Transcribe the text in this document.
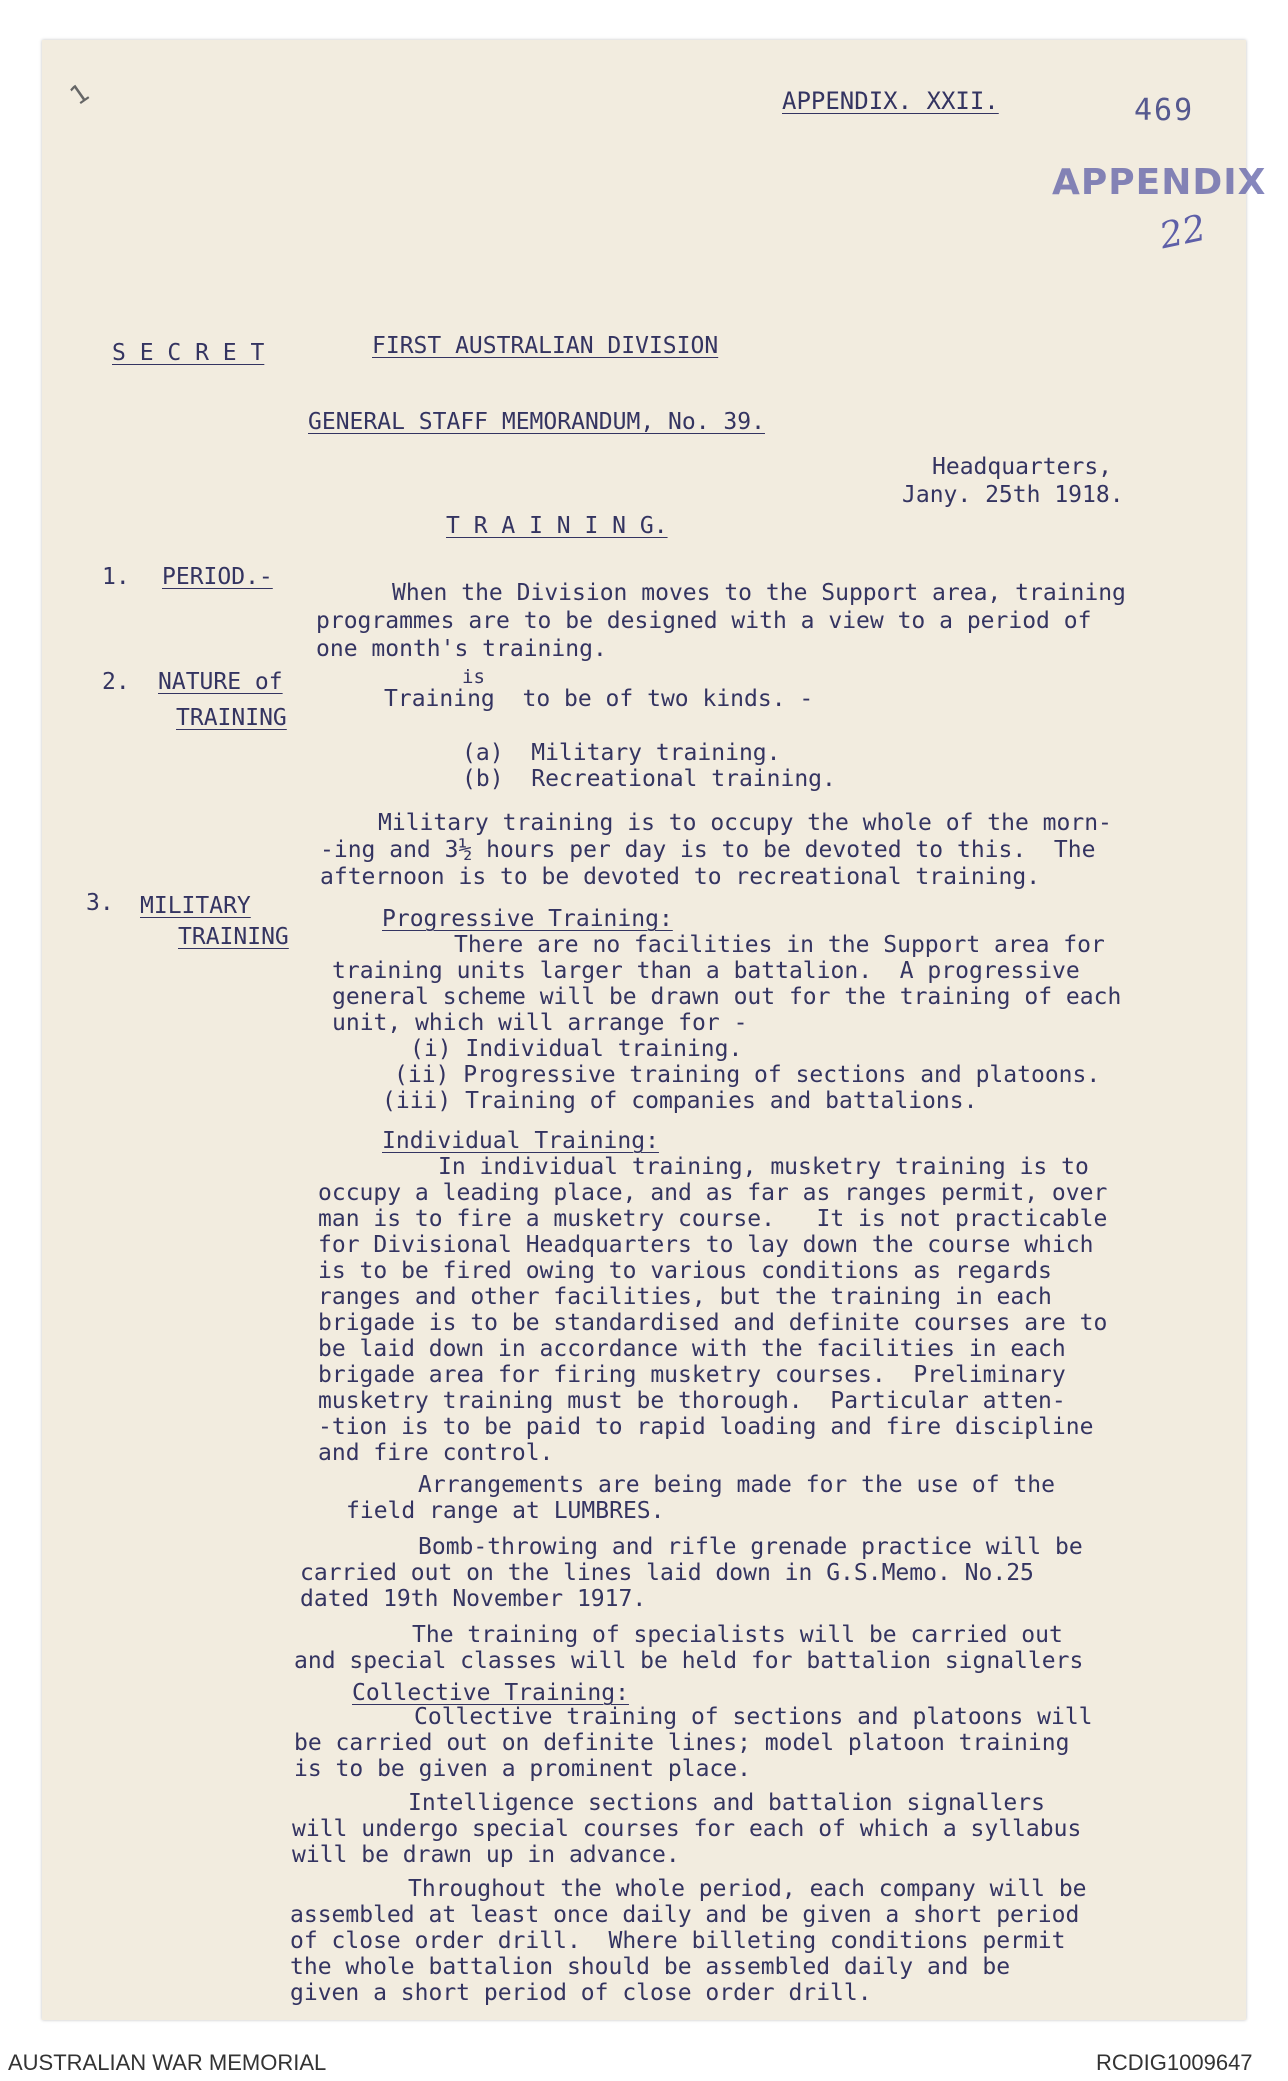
1	APPENDIX. XXII.	469
APPENDIX
22
S E C R E T	FIRST AUSTRALIAN DIVISION
GENERAL STAFF MEMORANDUM, No. 39.
Headquarters,
Jany. 25th 1918.
T R A I N I N G.
1. PERIOD.-
When the Division moves to the Support area, training
programmes are to be designed with a view to a period of
one month's training.
2. NATURE of
TRAINING
is
Training  to be of two kinds. -
(a)  Military training.
(b)  Recreational training.
Military training is to occupy the whole of the morn-
-ing and 3½ hours per day is to be devoted to this.  The
afternoon is to be devoted to recreational training.
3. MILITARY
TRAINING
Progressive Training:
There are no facilities in the Support area for
training units larger than a battalion.  A progressive
general scheme will be drawn out for the training of each
unit, which will arrange for -
(i) Individual training.
(ii) Progressive training of sections and platoons.
(iii) Training of companies and battalions.
Individual Training:
In individual training, musketry training is to
occupy a leading place, and as far as ranges permit, over
man is to fire a musketry course.   It is not practicable
for Divisional Headquarters to lay down the course which
is to be fired owing to various conditions as regards
ranges and other facilities, but the training in each
brigade is to be standardised and definite courses are to
be laid down in accordance with the facilities in each
brigade area for firing musketry courses.  Preliminary
musketry training must be thorough.  Particular atten-
-tion is to be paid to rapid loading and fire discipline
and fire control.
Arrangements are being made for the use of the
field range at LUMBRES.
Bomb-throwing and rifle grenade practice will be
carried out on the lines laid down in G.S.Memo. No.25
dated 19th November 1917.
The training of specialists will be carried out
and special classes will be held for battalion signallers
Collective Training:
Collective training of sections and platoons will
be carried out on definite lines; model platoon training
is to be given a prominent place.
Intelligence sections and battalion signallers
will undergo special courses for each of which a syllabus
will be drawn up in advance.
Throughout the whole period, each company will be
assembled at least once daily and be given a short period
of close order drill.  Where billeting conditions permit
the whole battalion should be assembled daily and be
given a short period of close order drill.
AUSTRALIAN WAR MEMORIAL	RCDIG1009647
